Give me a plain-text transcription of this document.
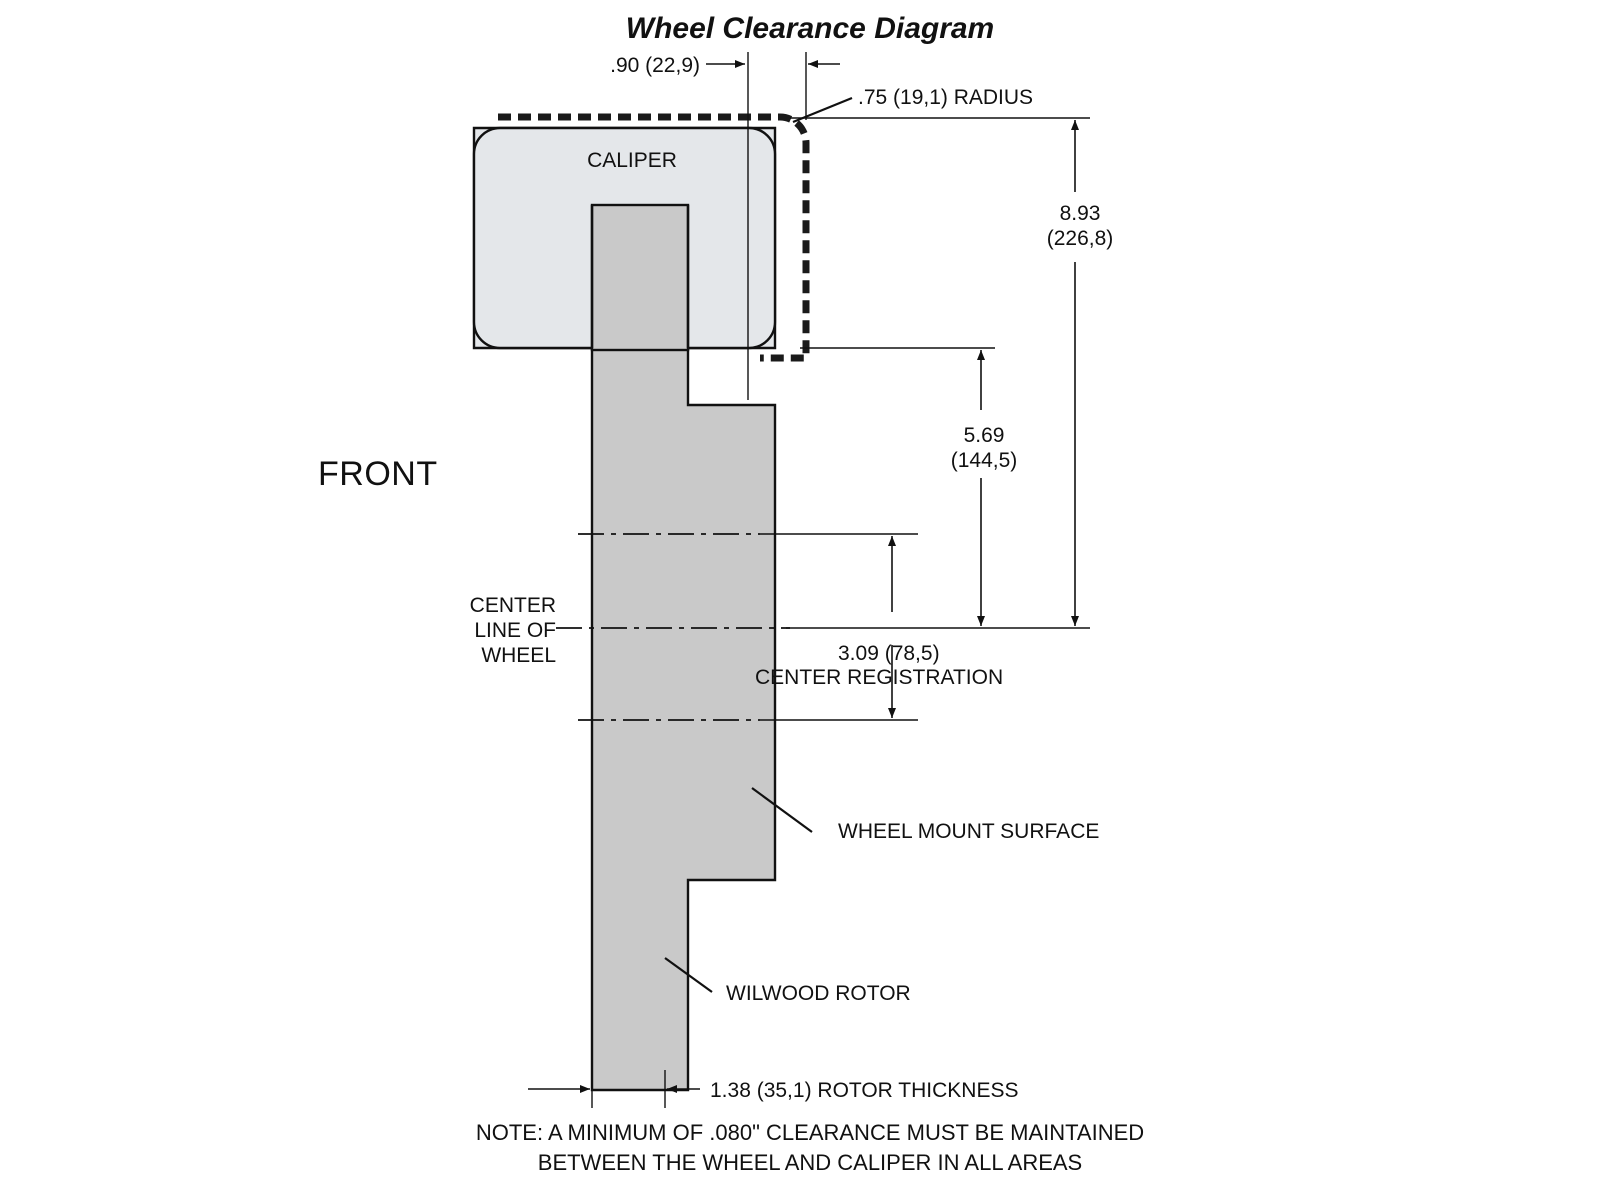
Wheel Clearance Diagram
CALIPER
FRONT
.90 (22,9)
.75 (19,1) RADIUS
8.93
(226,8)
5.69
(144,5)
3.09 (78,5)
CENTER REGISTRATION
CENTER
LINE OF
WHEEL
WHEEL MOUNT SURFACE
WILWOOD ROTOR
1.38 (35,1) ROTOR THICKNESS
NOTE: A MINIMUM OF .080" CLEARANCE MUST BE MAINTAINED
BETWEEN THE WHEEL AND CALIPER IN ALL AREAS
